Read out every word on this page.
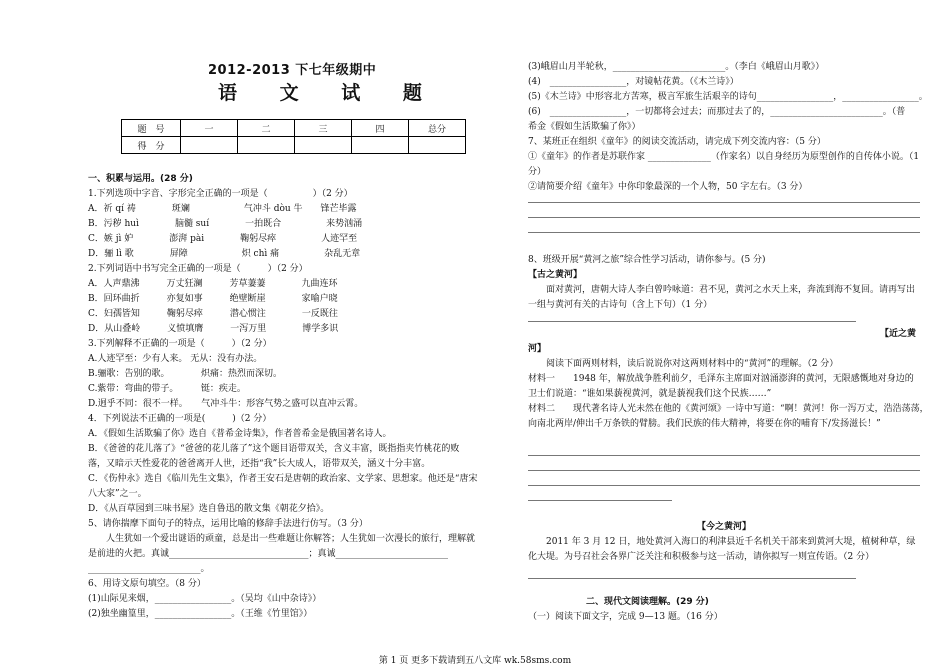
2012-2013 下七年级期中
语 文 试 题
题　号	一	二	三	四	总分
得　分					
一、积累与运用。(28 分)
1.下列选项中字音、字形完全正确的一项是（　　　　　）（2 分）
A．祈 qí 祷　　　　斑斓　　　　　　气冲斗 dòu 牛　　锋芒毕露
B．污秽 huì　　　　脑髓 suí　　　　一拍既合　　　　　来势汹涌
C．嫉 jì 妒　　　　澎湃 pài　　　　鞠躬尽瘁　　　　　人迹罕至
D．骊 lì 歌　　　　屏障　　　　　　炽 chì 痛　　　　　杂乱无章
2.下列词语中书写完全正确的一项是（　　　）（2 分）
A．人声鼎沸　　　万丈狂澜　　　芳草萋萋　　　　九曲连环
B．回环曲折　　　亦复如事　　　绝壁断崖　　　　家喻户晓
C．妇孺皆知　　　鞠躬尽瘁　　　潜心惯注　　　　一反既往
D．从山叠岭　　　义愤填膺　　　一泻万里　　　　博学多识
3.下列解释不正确的一项是（　　　）（2 分）
A.人迹罕至：少有人来。 无从：没有办法。
B.骊歌：告别的歌。　　　　炽痛：热烈而深切。
C.紫带：弯曲的带子。　　　铤：疾走。
D.迥乎不同：很不一样。　　气冲斗牛：形容气势之盛可以直冲云霄。
4．下列说法不正确的一项是(　　　)（2 分）
A．《假如生活欺骗了你》选自《普希金诗集》，作者普希金是俄国著名诗人。
B．《爸爸的花儿落了》“爸爸的花儿落了”这个题目语带双关，含义丰富，既指指夹竹桃花的败
落，又暗示天性爱花的爸爸离开人世，还指“我”长大成人，语带双关，涵义十分丰富。
C．《伤仲永》选自《临川先生文集》，作者王安石是唐朝的政治家、文学家、思想家。他还是“唐宋
八大家”之一。
D．《从百草园到三味书屋》选自鲁迅的散文集《朝花夕拾》。
5、请你揣摩下面句子的特点，运用比喻的修辞手法进行仿写。（3 分）
　　人生犹如一个爱出谜语的顽童，总是出一些难题让你解答；人生犹如一次漫长的旅行，理解就
是前进的火把。真诚_______________________________；真诚_________________________
_________________________。
6、用诗文原句填空。（8 分）
(1)山际见来烟，_________________。（吴均《山中杂诗》）
(2)独坐幽篁里，_________________。（王维《竹里馆》）
(3)峨眉山月半轮秋，_________________________。（李白《峨眉山月歌》）
(4)　_________________，对镜帖花黄。（《木兰诗》）
(5)《木兰诗》中形容北方苦寒，极言军旅生活艰辛的诗句_________________，_________________。
(6)　_________________，一切都将会过去；而那过去了的，_________________________。（普
希金《假如生活欺骗了你》）
7、某班正在组织《童年》的阅读交流活动，请完成下列交流内容：（5 分）
①《童年》的作者是苏联作家 ______________（作家名）以自身经历为原型创作的自传体小说。（1
分）
②请简要介绍《童年》中你印象最深的一个人物，50 字左右。（3 分）
8、班级开展“黄河之旅”综合性学习活动，请你参与。(5 分)
【古之黄河】
　　面对黄河，唐朝大诗人李白曾吟咏道：君不见，黄河之水天上来，奔流到海不复回。请再写出
一组与黄河有关的古诗句（含上下句）（1 分）
【近之黄
河】
　　阅读下面两则材料，读后说说你对这两则材料中的“黄河”的理解。（2 分）
材料一　　1948 年，解放战争胜利前夕，毛泽东主席面对汹涌澎湃的黄河，无限感慨地对身边的
卫士们说道：“谁如果藐视黄河，就是藐视我们这个民族……”
材料二　　现代著名诗人光未然在他的《黄河颂》一诗中写道：“啊！黄河！你一泻万丈，浩浩荡荡，
向南北两岸/伸出千万条铁的臂膀。我们民族的伟大精神，将要在你的哺育下/发扬滋长！”
【今之黄河】
　　2011 年 3 月 12 日，地处黄河入海口的利津县近千名机关干部来到黄河大堤，植树种草，绿
化大堤。为号召社会各界广泛关注和积极参与这一活动，请你拟写一则宣传语。（2 分）
二、现代文阅读理解。(29 分)
（一）阅读下面文字，完成 9—13 题。（16 分）
第 1 页 更多下载请到五八文库 wk.58sms.com
